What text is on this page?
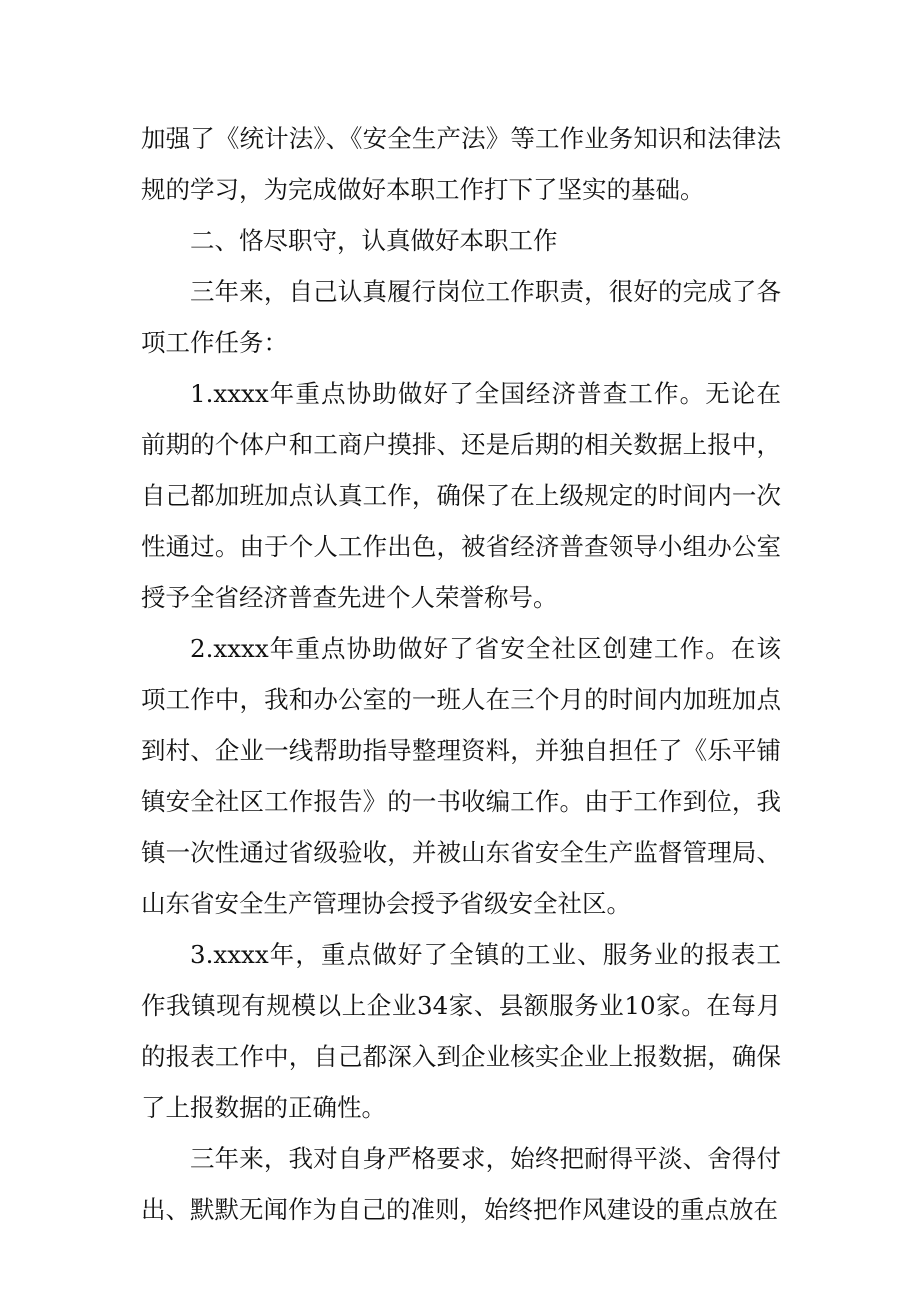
加强了《统计法》、《安全生产法》等工作业务知识和法律法规的学习，为完成做好本职工作打下了坚实的基础。

二、恪尽职守，认真做好本职工作

三年来，自己认真履行岗位工作职责，很好的完成了各项工作任务：

1.xxxx年重点协助做好了全国经济普查工作。无论在前期的个体户和工商户摸排、还是后期的相关数据上报中，自己都加班加点认真工作，确保了在上级规定的时间内一次性通过。由于个人工作出色，被省经济普查领导小组办公室授予全省经济普查先进个人荣誉称号。

2.xxxx年重点协助做好了省安全社区创建工作。在该项工作中，我和办公室的一班人在三个月的时间内加班加点到村、企业一线帮助指导整理资料，并独自担任了《乐平铺镇安全社区工作报告》的一书收编工作。由于工作到位，我镇一次性通过省级验收，并被山东省安全生产监督管理局、山东省安全生产管理协会授予省级安全社区。

3.xxxx年，重点做好了全镇的工业、服务业的报表工作我镇现有规模以上企业34家、县额服务业10家。在每月的报表工作中，自己都深入到企业核实企业上报数据，确保了上报数据的正确性。

三年来，我对自身严格要求，始终把耐得平淡、舍得付出、默默无闻作为自己的准则，始终把作风建设的重点放在
